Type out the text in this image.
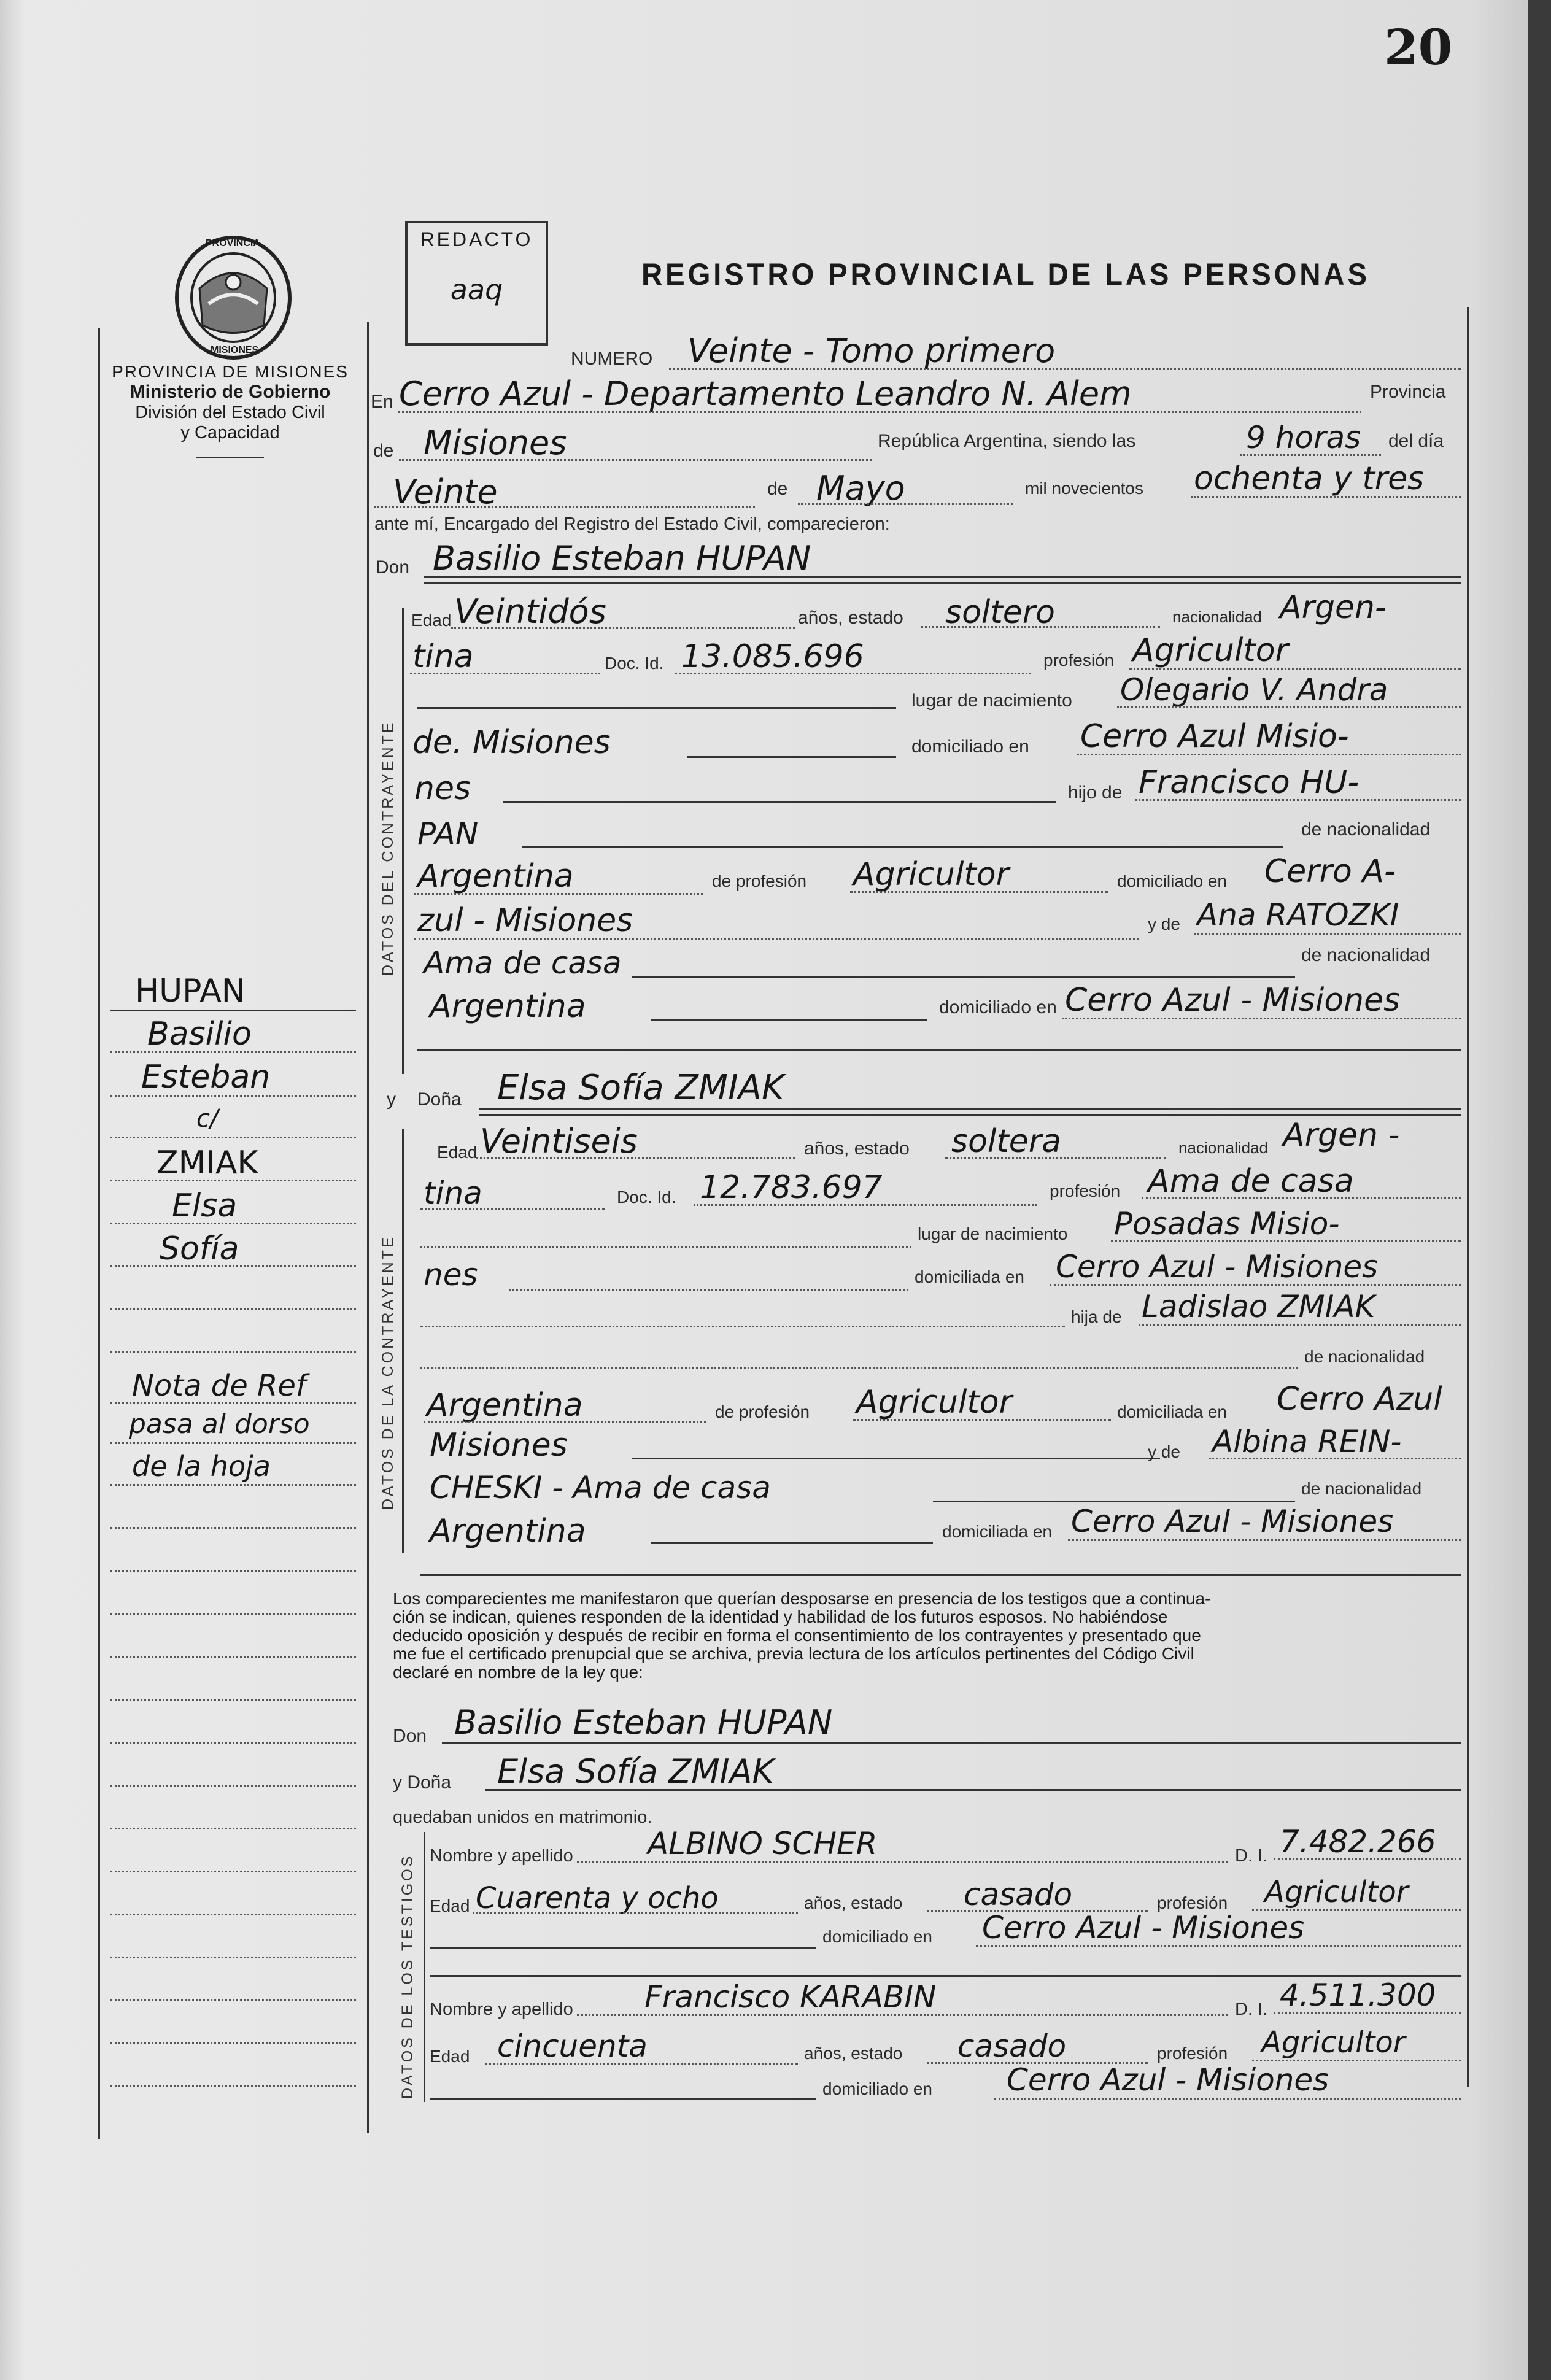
20
PROVINCIA
MISIONES
PROVINCIA DE MISIONES
Ministerio de Gobierno
División del Estado Civil
y Capacidad
REDACTO
aaq	REGISTRO PROVINCIAL DE LAS PERSONAS
NUMERO Veinte - Tomo primero
En Cerro Azul - Departamento Leandro N. Alem	Provincia
de Misiones	República Argentina, siendo las	9 horas del día
Veinte	de Mayo	mil novecientos ochenta y tres
ante mí, Encargado del Registro del Estado Civil, comparecieron:
Don Basilio Esteban HUPAN
DATOS DEL CONTRAYENTE
Edad Veintidós	años, estado soltero	nacionalidad Argen-
tina	Doc. Id. 13.085.696	profesión Agricultor
lugar de nacimiento Olegario V. Andra
de. Misiones	domiciliado en Cerro Azul Misio-
nes	hijo de Francisco HU-
PAN	de nacionalidad
Argentina	de profesión Agricultor	domiciliado en Cerro A-
zul - Misiones	y de Ana RATOZKI
Ama de casa	de nacionalidad
Argentina	domiciliado en Cerro Azul - Misiones
y Doña Elsa Sofía ZMIAK
DATOS DE LA CONTRAYENTE
Edad Veintiseis	años, estado soltera	nacionalidad Argen -
tina	Doc. Id. 12.783.697	profesión Ama de casa
lugar de nacimiento Posadas Misio-
nes	domiciliada en Cerro Azul - Misiones
hija de Ladislao ZMIAK
de nacionalidad
Argentina	de profesión Agricultor	domiciliada en Cerro Azul
Misiones	y de Albina REIN-
CHESKI - Ama de casa	de nacionalidad
Argentina	domiciliada en Cerro Azul - Misiones
Los comparecientes me manifestaron que querían desposarse en presencia de los testigos que a continua-
ción se indican, quienes responden de la identidad y habilidad de los futuros esposos. No habiéndose
deducido oposición y después de recibir en forma el consentimiento de los contrayentes y presentado que
me fue el certificado prenupcial que se archiva, previa lectura de los artículos pertinentes del Código Civil
declaré en nombre de la ley que:
Don Basilio Esteban HUPAN
y Doña Elsa Sofía ZMIAK
quedaban unidos en matrimonio.
DATOS DE LOS TESTIGOS Nombre y apellido ALBINO SCHER	D. I. 7.482.266
Edad Cuarenta y ocho	años, estado casado	profesión Agricultor
domiciliado en Cerro Azul - Misiones
Nombre y apellido Francisco KARABIN	D. I. 4.511.300
Edad cincuenta	años, estado casado	profesión Agricultor
domiciliado en Cerro Azul - Misiones
HUPAN
Basilio
Esteban
c/
ZMIAK
Elsa
Sofía
Nota de Ref
pasa al dorso
de la hoja
